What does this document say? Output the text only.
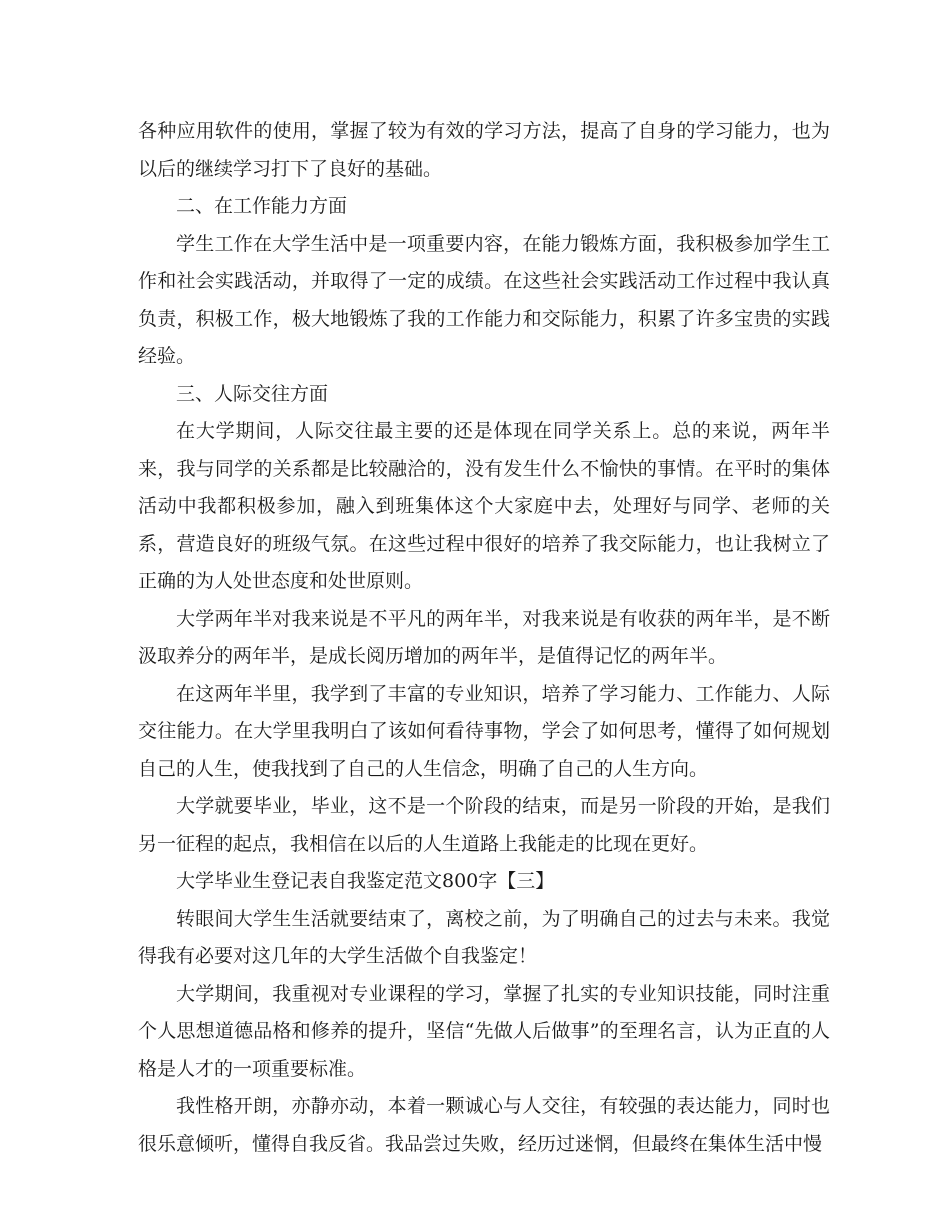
各种应用软件的使用，掌握了较为有效的学习方法，提高了自身的学习能力，也为以后的继续学习打下了良好的基础。

二、在工作能力方面

学生工作在大学生活中是一项重要内容，在能力锻炼方面，我积极参加学生工作和社会实践活动，并取得了一定的成绩。在这些社会实践活动工作过程中我认真负责，积极工作，极大地锻炼了我的工作能力和交际能力，积累了许多宝贵的实践经验。

三、人际交往方面

在大学期间，人际交往最主要的还是体现在同学关系上。总的来说，两年半来，我与同学的关系都是比较融洽的，没有发生什么不愉快的事情。在平时的集体活动中我都积极参加，融入到班集体这个大家庭中去，处理好与同学、老师的关系，营造良好的班级气氛。在这些过程中很好的培养了我交际能力，也让我树立了正确的为人处世态度和处世原则。

大学两年半对我来说是不平凡的两年半，对我来说是有收获的两年半，是不断汲取养分的两年半，是成长阅历增加的两年半，是值得记忆的两年半。

在这两年半里，我学到了丰富的专业知识，培养了学习能力、工作能力、人际交往能力。在大学里我明白了该如何看待事物，学会了如何思考，懂得了如何规划自己的人生，使我找到了自己的人生信念，明确了自己的人生方向。

大学就要毕业，毕业，这不是一个阶段的结束，而是另一阶段的开始，是我们另一征程的起点，我相信在以后的人生道路上我能走的比现在更好。

大学毕业生登记表自我鉴定范文800字【三】

转眼间大学生生活就要结束了，离校之前，为了明确自己的过去与未来。我觉得我有必要对这几年的大学生活做个自我鉴定！

大学期间，我重视对专业课程的学习，掌握了扎实的专业知识技能，同时注重个人思想道德品格和修养的提升，坚信“先做人后做事”的至理名言，认为正直的人格是人才的一项重要标准。

我性格开朗，亦静亦动，本着一颗诚心与人交往，有较强的表达能力，同时也很乐意倾听，懂得自我反省。我品尝过失败，经历过迷惘，但最终在集体生活中慢
